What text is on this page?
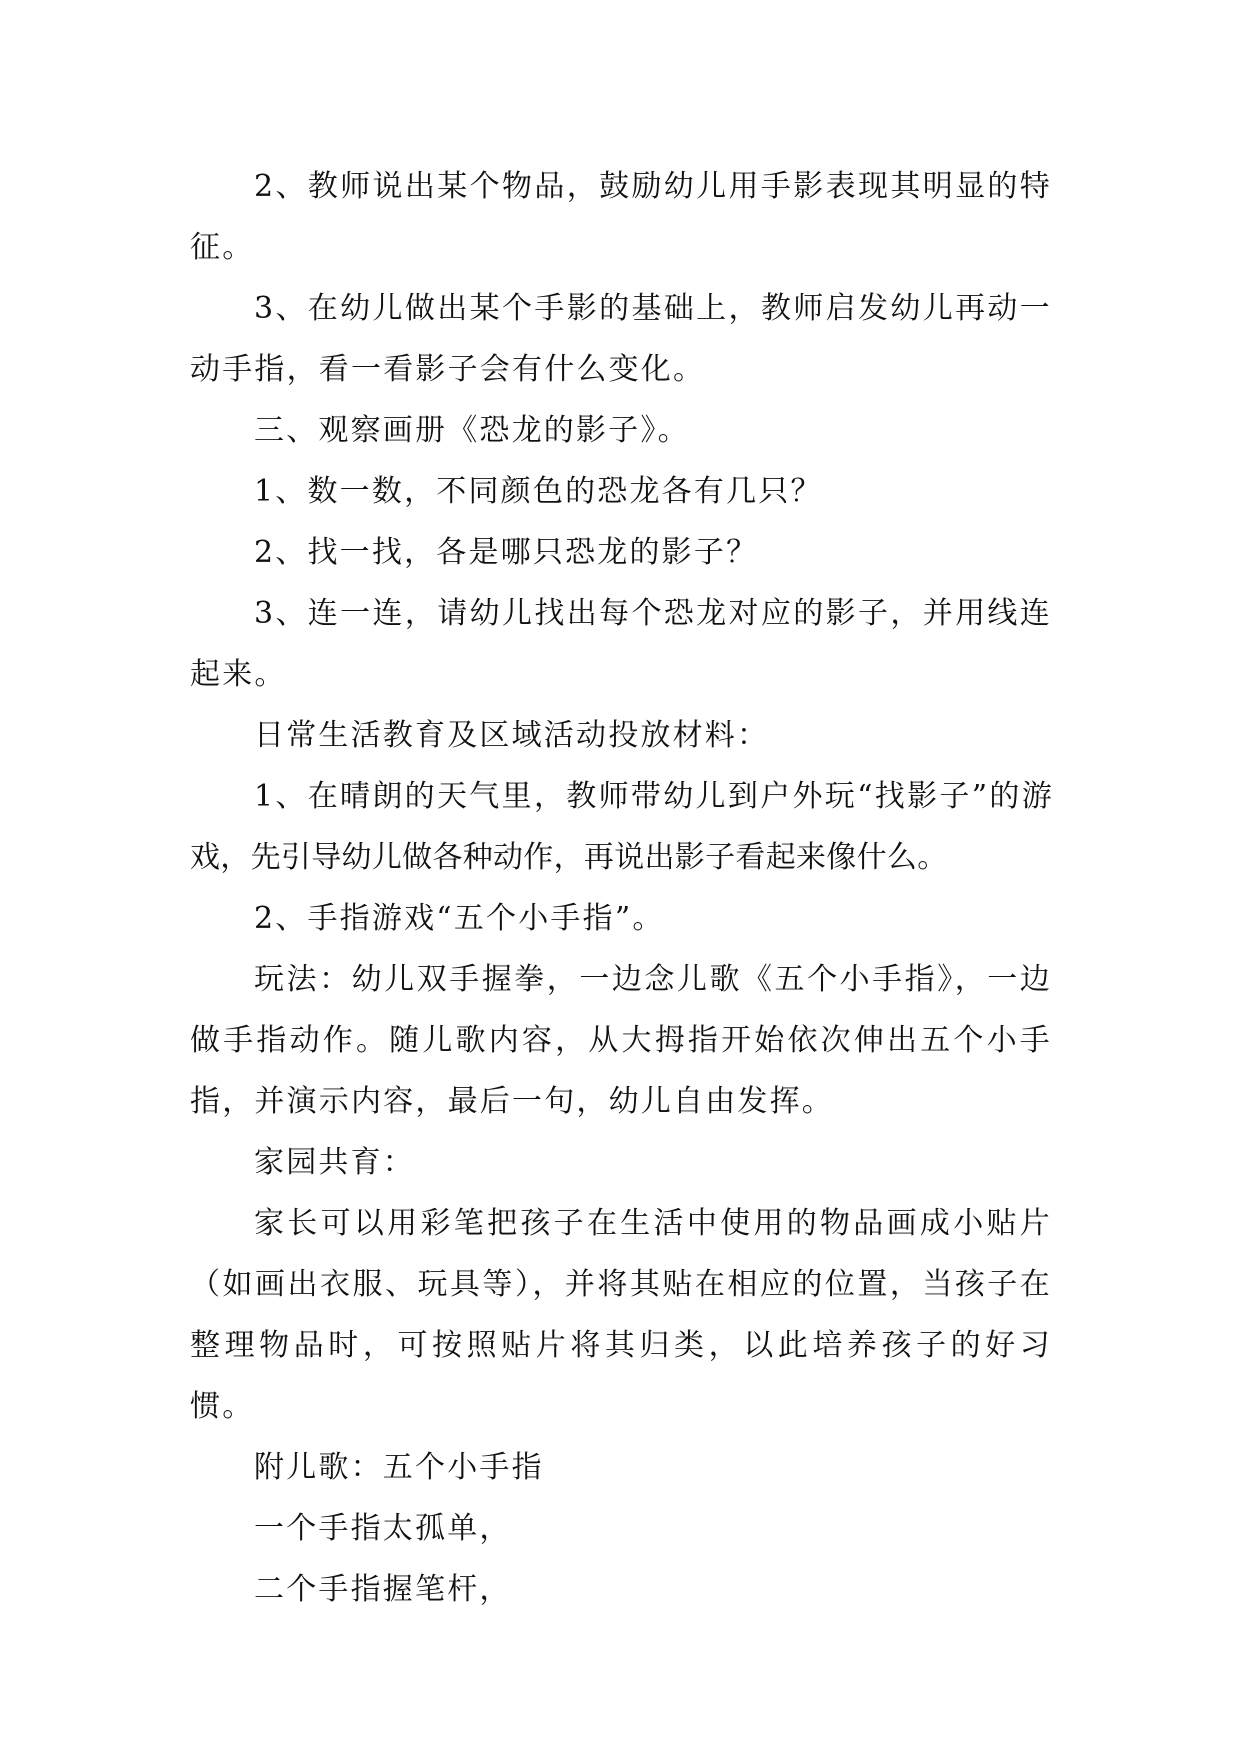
2、教师说出某个物品，鼓励幼儿用手影表现其明显的特征。

3、在幼儿做出某个手影的基础上，教师启发幼儿再动一动手指，看一看影子会有什么变化。

三、观察画册《恐龙的影子》。

1、数一数，不同颜色的恐龙各有几只？

2、找一找，各是哪只恐龙的影子？

3、连一连，请幼儿找出每个恐龙对应的影子，并用线连起来。

日常生活教育及区域活动投放材料：

1、在晴朗的天气里，教师带幼儿到户外玩“找影子”的游戏，先引导幼儿做各种动作，再说出影子看起来像什么。

2、手指游戏“五个小手指”。

玩法：幼儿双手握拳，一边念儿歌《五个小手指》，一边做手指动作。随儿歌内容，从大拇指开始依次伸出五个小手指，并演示内容，最后一句，幼儿自由发挥。

家园共育：

家长可以用彩笔把孩子在生活中使用的物品画成小贴片（如画出衣服、玩具等），并将其贴在相应的位置，当孩子在整理物品时，可按照贴片将其归类，以此培养孩子的好习惯。

附儿歌：五个小手指

一个手指太孤单，

二个手指握笔杆，
